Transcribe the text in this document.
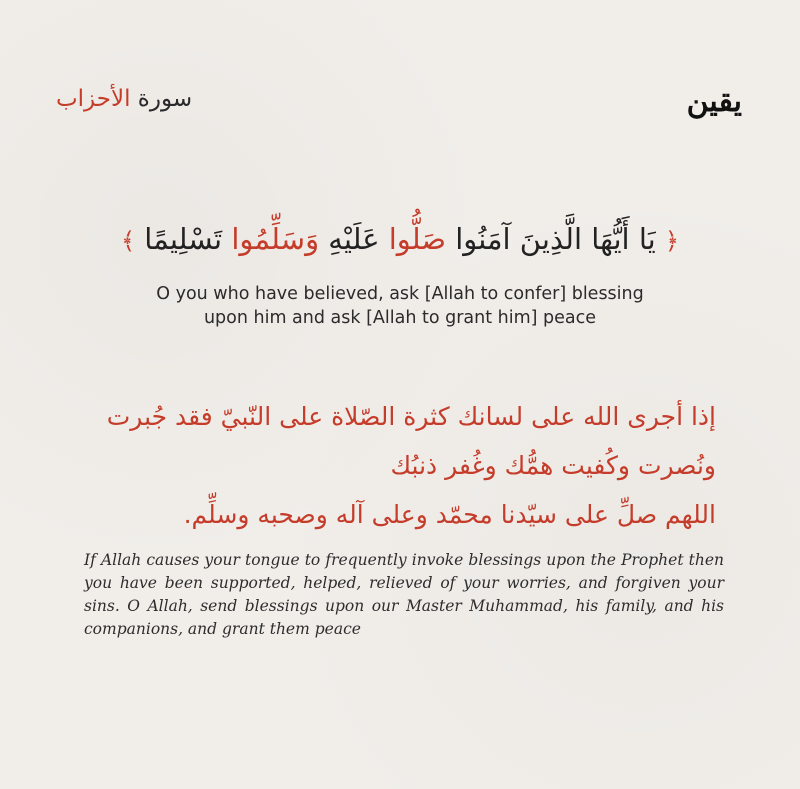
سورة الأحزاب	يقين
﴿ يَا أَيُّهَا الَّذِينَ آمَنُوا صَلُّوا عَلَيْهِ وَسَلِّمُوا تَسْلِيمًا ﴾
O you who have believed, ask [Allah to confer] blessing
upon him and ask [Allah to grant him] peace
إذا أجرى الله على لسانك كثرة الصّلاة على النّبيّ فقد جُبرت
ونُصرت وكُفيت همُّك وغُفر ذنبُك
اللهم صلِّ على سيّدنا محمّد وعلى آله وصحبه وسلِّم.
If Allah causes your tongue to frequently invoke blessings upon the Prophet then you have been supported, helped, relieved of your worries, and forgiven your sins. O Allah, send blessings upon our Master Muhammad, his family, and his companions, and grant them peace
